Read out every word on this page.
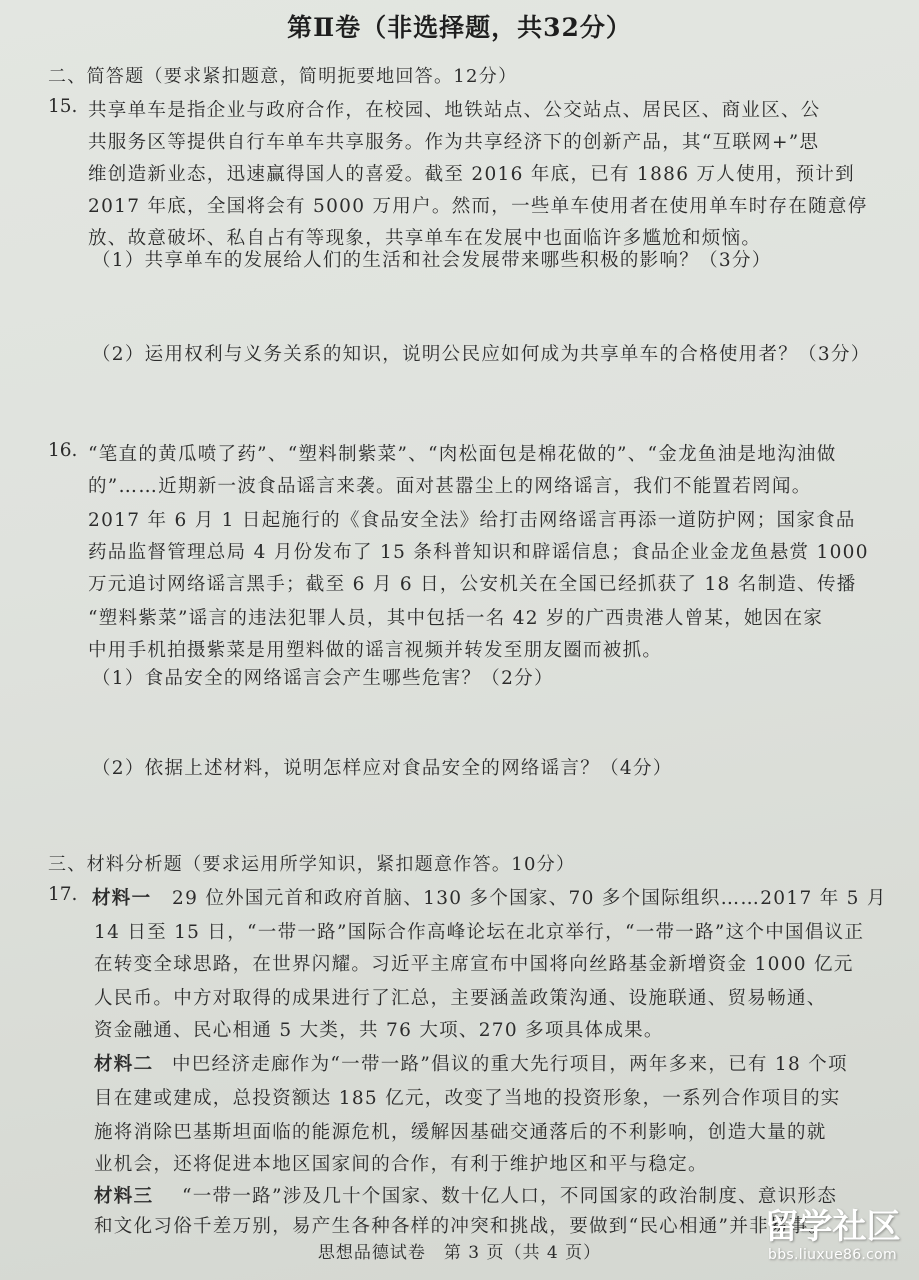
第Ⅱ卷（非选择题，共32分）
二、简答题（要求紧扣题意，简明扼要地回答。12分）
15. 共享单车是指企业与政府合作，在校园、地铁站点、公交站点、居民区、商业区、公
共服务区等提供自行车单车共享服务。作为共享经济下的创新产品，其“互联网+”思
维创造新业态，迅速赢得国人的喜爱。截至 2016 年底，已有 1886 万人使用，预计到
2017 年底，全国将会有 5000 万用户。然而，一些单车使用者在使用单车时存在随意停
放、故意破坏、私自占有等现象，共享单车在发展中也面临许多尴尬和烦恼。
（1）共享单车的发展给人们的生活和社会发展带来哪些积极的影响？（3分）
（2）运用权利与义务关系的知识，说明公民应如何成为共享单车的合格使用者？（3分）
16. “笔直的黄瓜喷了药”、“塑料制紫菜”、“肉松面包是棉花做的”、“金龙鱼油是地沟油做
的”……近期新一波食品谣言来袭。面对甚嚣尘上的网络谣言，我们不能置若罔闻。
2017 年 6 月 1 日起施行的《食品安全法》给打击网络谣言再添一道防护网；国家食品
药品监督管理总局 4 月份发布了 15 条科普知识和辟谣信息；食品企业金龙鱼悬赏 1000
万元追讨网络谣言黑手；截至 6 月 6 日，公安机关在全国已经抓获了 18 名制造、传播
“塑料紫菜”谣言的违法犯罪人员，其中包括一名 42 岁的广西贵港人曾某，她因在家
中用手机拍摄紫菜是用塑料做的谣言视频并转发至朋友圈而被抓。
（1）食品安全的网络谣言会产生哪些危害？（2分）
（2）依据上述材料，说明怎样应对食品安全的网络谣言？（4分）
三、材料分析题（要求运用所学知识，紧扣题意作答。10分）
17. 材料一 29 位外国元首和政府首脑、130 多个国家、70 多个国际组织……2017 年 5 月
14 日至 15 日，“一带一路”国际合作高峰论坛在北京举行，“一带一路”这个中国倡议正
在转变全球思路，在世界闪耀。习近平主席宣布中国将向丝路基金新增资金 1000 亿元
人民币。中方对取得的成果进行了汇总，主要涵盖政策沟通、设施联通、贸易畅通、
资金融通、民心相通 5 大类，共 76 大项、270 多项具体成果。
材料二 中巴经济走廊作为“一带一路”倡议的重大先行项目，两年多来，已有 18 个项
目在建或建成，总投资额达 185 亿元，改变了当地的投资形象，一系列合作项目的实
施将消除巴基斯坦面临的能源危机，缓解因基础交通落后的不利影响，创造大量的就
业机会，还将促进本地区国家间的合作，有利于维护地区和平与稳定。
材料三 “一带一路”涉及几十个国家、数十亿人口，不同国家的政治制度、意识形态
和文化习俗千差万别，易产生各种各样的冲突和挑战，要做到“民心相通”并非易事。
思想品德试卷　第 3 页（共 4 页）
留学社区
bbs.liuxue86.com
